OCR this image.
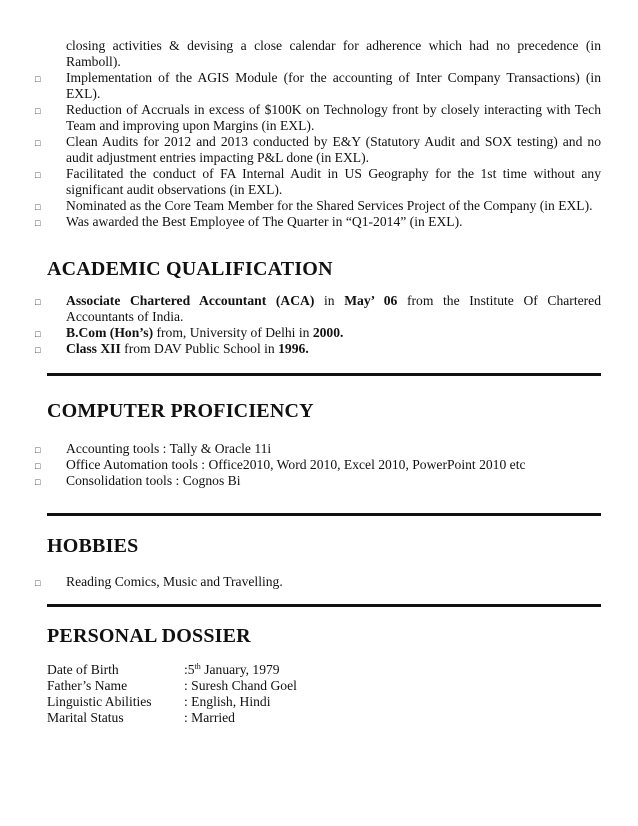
closing activities & devising a close calendar for adherence which had no precedence (in Ramboll).
□	Implementation of the AGIS Module (for the accounting of Inter Company Transactions) (in EXL).
□	Reduction of Accruals in excess of $100K on Technology front by closely interacting with Tech Team and improving upon Margins (in EXL).
□	Clean Audits for 2012 and 2013 conducted by E&Y (Statutory Audit and SOX testing) and no audit adjustment entries impacting P&L done (in EXL).
□	Facilitated the conduct of FA Internal Audit in US Geography for the 1st time without any significant audit observations (in EXL).
□	Nominated as the Core Team Member for the Shared Services Project of the Company (in EXL).
□	Was awarded the Best Employee of The Quarter in “Q1-2014” (in EXL).
ACADEMIC QUALIFICATION
□	Associate Chartered Accountant (ACA) in May’ 06 from the Institute Of Chartered Accountants of India.
□	B.Com (Hon’s) from, University of Delhi in 2000.
□	Class XII from DAV Public School in 1996.
COMPUTER PROFICIENCY
□	Accounting tools : Tally & Oracle 11i
□	Office Automation tools : Office2010, Word 2010, Excel 2010, PowerPoint 2010 etc
□	Consolidation tools : Cognos Bi
HOBBIES
□	Reading Comics, Music and Travelling.
PERSONAL DOSSIER
Date of Birth	:5th January, 1979
Father’s Name	: Suresh Chand Goel
Linguistic Abilities	: English, Hindi
Marital Status	: Married
